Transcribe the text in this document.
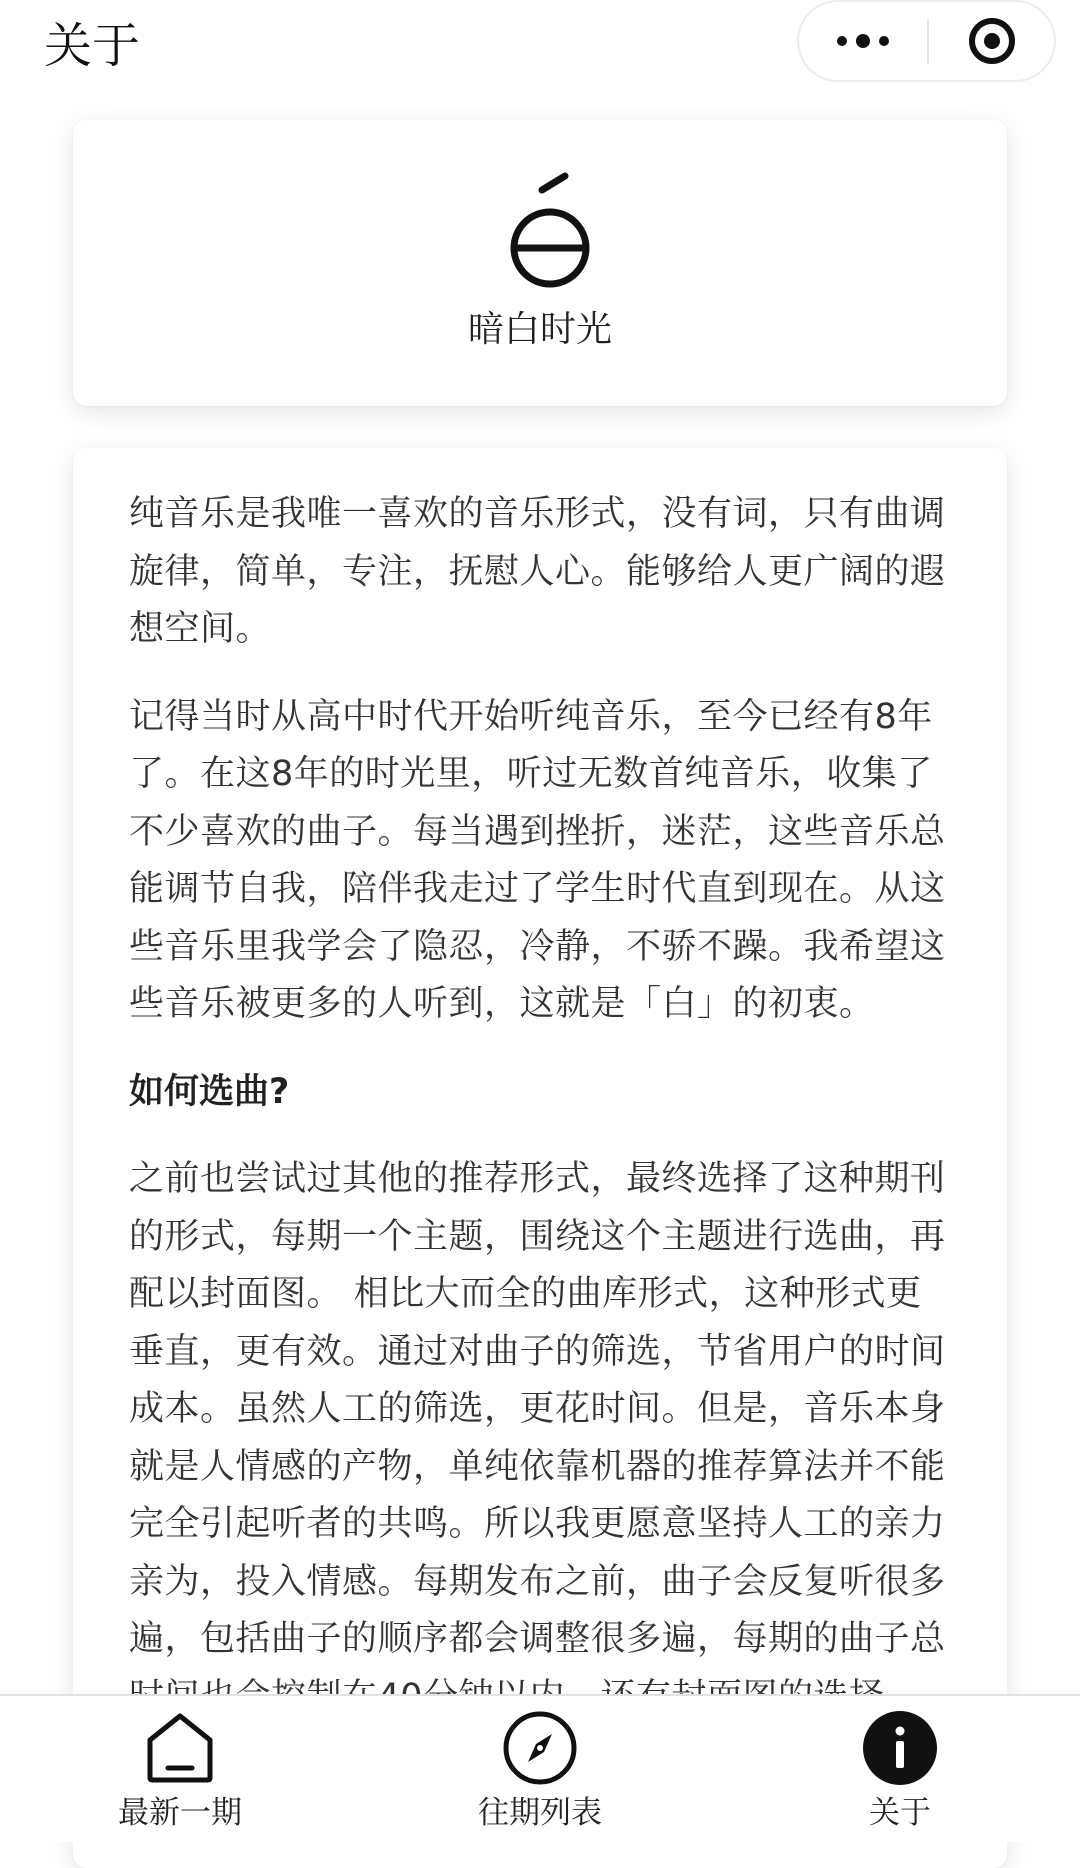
关于
暗白时光

纯音乐是我唯一喜欢的音乐形式，没有词，只有曲调旋律，简单，专注，抚慰人心。能够给人更广阔的遐想空间。

记得当时从高中时代开始听纯音乐，至今已经有8年了。在这8年的时光里，听过无数首纯音乐，收集了不少喜欢的曲子。每当遇到挫折，迷茫，这些音乐总能调节自我，陪伴我走过了学生时代直到现在。从这些音乐里我学会了隐忍，冷静，不骄不躁。我希望这些音乐被更多的人听到，这就是「白」的初衷。

如何选曲?

之前也尝试过其他的推荐形式，最终选择了这种期刊的形式，每期一个主题，围绕这个主题进行选曲，再配以封面图。 相比大而全的曲库形式，这种形式更垂直，更有效。通过对曲子的筛选，节省用户的时间成本。虽然人工的筛选，更花时间。但是，音乐本身就是人情感的产物，单纯依靠机器的推荐算法并不能完全引起听者的共鸣。所以我更愿意坚持人工的亲力亲为，投入情感。每期发布之前，曲子会反复听很多遍，包括曲子的顺序都会调整很多遍，每期的曲子总

最新一期	往期列表	关于
